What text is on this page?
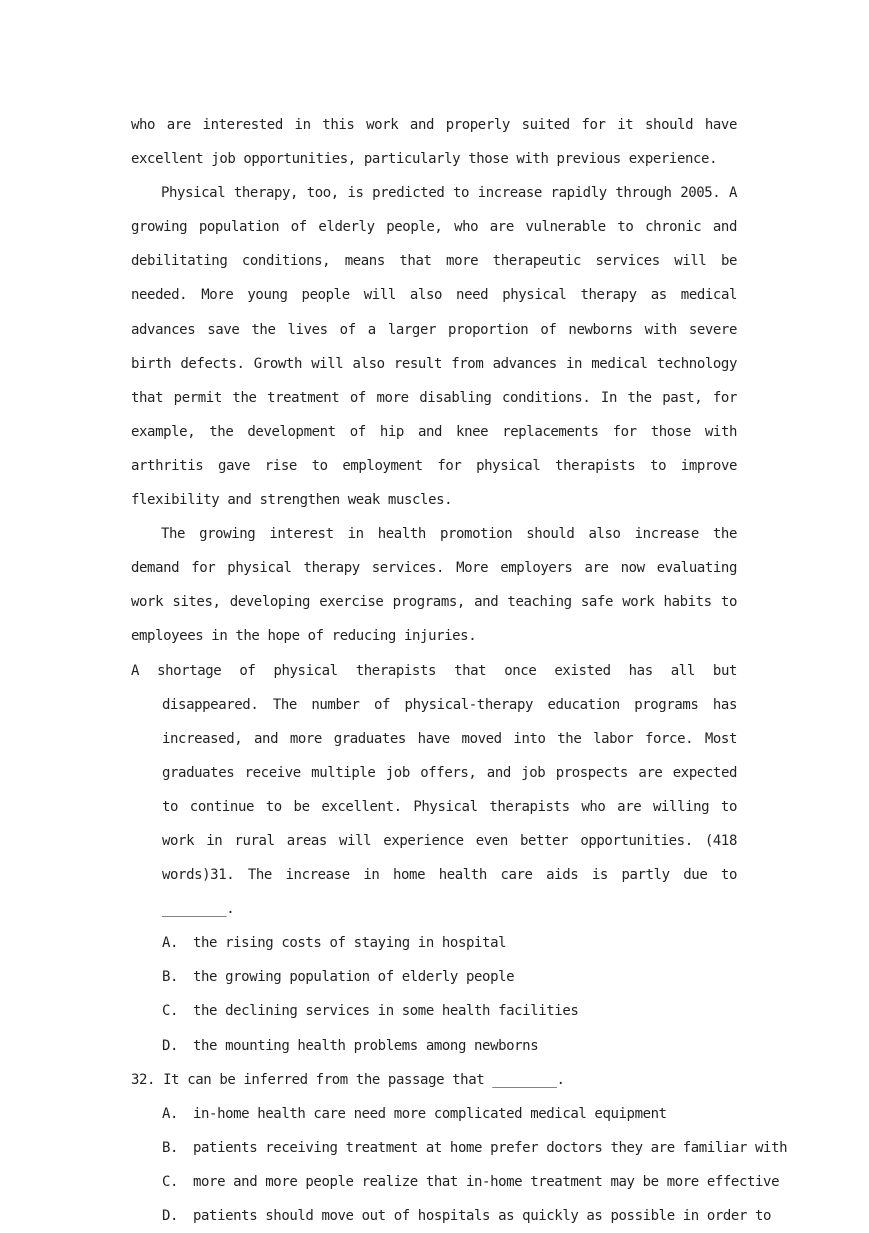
who are interested in this work and properly suited for it should have excellent job opportunities, particularly those with previous experience.

Physical therapy, too, is predicted to increase rapidly through 2005. A growing population of elderly people, who are vulnerable to chronic and debilitating conditions, means that more therapeutic services will be needed. More young people will also need physical therapy as medical advances save the lives of a larger proportion of newborns with severe birth defects. Growth will also result from advances in medical technology that permit the treatment of more disabling conditions. In the past, for example, the development of hip and knee replacements for those with arthritis gave rise to employment for physical therapists to improve flexibility and strengthen weak muscles.

The growing interest in health promotion should also increase the demand for physical therapy services. More employers are now evaluating work sites, developing exercise programs, and teaching safe work habits to employees in the hope of reducing injuries.

A shortage of physical therapists that once existed has all but disappeared. The number of physical-therapy education programs has increased, and more graduates have moved into the labor force. Most graduates receive multiple job offers, and job prospects are expected to continue to be excellent. Physical therapists who are willing to work in rural areas will experience even better opportunities. (418 words)31. The increase in home health care aids is partly due to ________.

A. the rising costs of staying in hospital

B. the growing population of elderly people

C. the declining services in some health facilities

D. the mounting health problems among newborns

32. It can be inferred from the passage that ________.

A. in-home health care need more complicated medical equipment

B. patients receiving treatment at home prefer doctors they are familiar with

C. more and more people realize that in-home treatment may be more effective

D. patients should move out of hospitals as quickly as possible in order to
